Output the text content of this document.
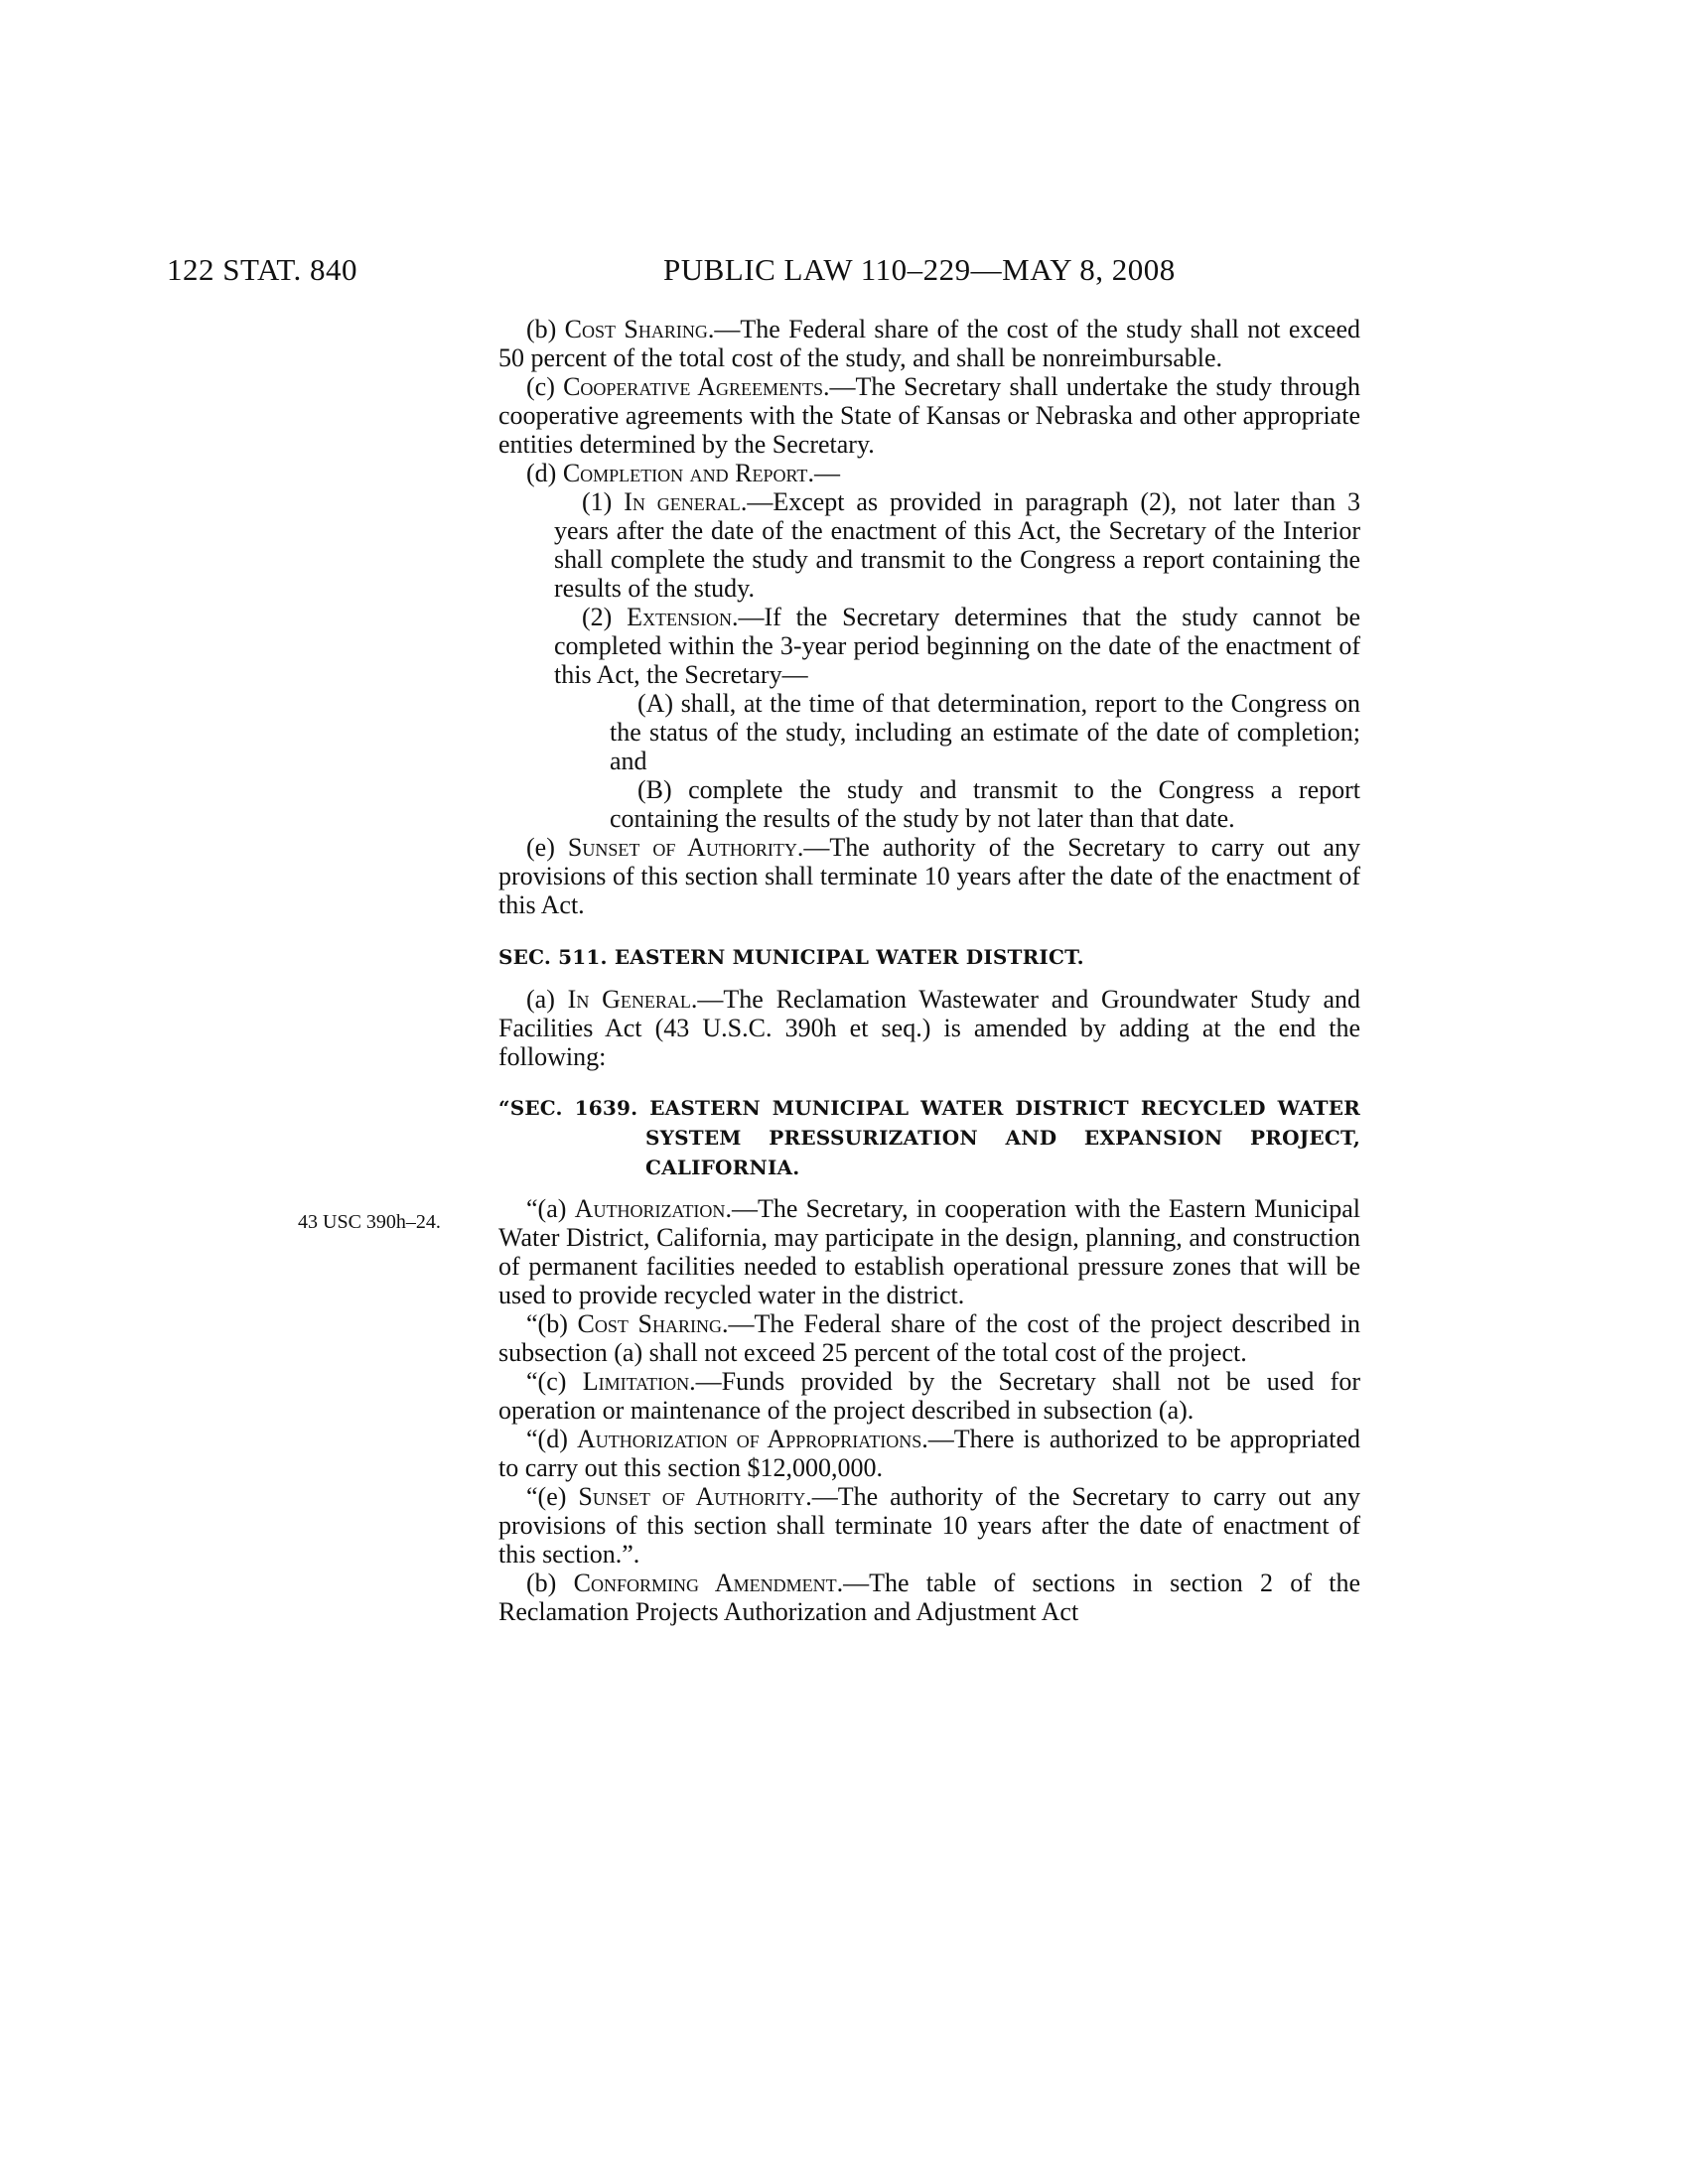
122 STAT. 840	PUBLIC LAW 110–229—MAY 8, 2008
43 USC 390h–24.

(b) Cost Sharing.—The Federal share of the cost of the study shall not exceed 50 percent of the total cost of the study, and shall be nonreimbursable.

(c) Cooperative Agreements.—The Secretary shall undertake the study through cooperative agreements with the State of Kansas or Nebraska and other appropriate entities determined by the Secretary.

(d) Completion and Report.—

(1) In general.—Except as provided in paragraph (2), not later than 3 years after the date of the enactment of this Act, the Secretary of the Interior shall complete the study and transmit to the Congress a report containing the results of the study.

(2) Extension.—If the Secretary determines that the study cannot be completed within the 3-year period beginning on the date of the enactment of this Act, the Secretary—

(A) shall, at the time of that determination, report to the Congress on the status of the study, including an estimate of the date of completion; and

(B) complete the study and transmit to the Congress a report containing the results of the study by not later than that date.

(e) Sunset of Authority.—The authority of the Secretary to carry out any provisions of this section shall terminate 10 years after the date of the enactment of this Act.

SEC. 511. EASTERN MUNICIPAL WATER DISTRICT.

(a) In General.—The Reclamation Wastewater and Groundwater Study and Facilities Act (43 U.S.C. 390h et seq.) is amended by adding at the end the following:

“SEC. 1639. EASTERN MUNICIPAL WATER DISTRICT RECYCLED WATER SYSTEM PRESSURIZATION AND EXPANSION PROJECT, CALIFORNIA.

“(a) Authorization.—The Secretary, in cooperation with the Eastern Municipal Water District, California, may participate in the design, planning, and construction of permanent facilities needed to establish operational pressure zones that will be used to provide recycled water in the district.

“(b) Cost Sharing.—The Federal share of the cost of the project described in subsection (a) shall not exceed 25 percent of the total cost of the project.

“(c) Limitation.—Funds provided by the Secretary shall not be used for operation or maintenance of the project described in subsection (a).

“(d) Authorization of Appropriations.—There is authorized to be appropriated to carry out this section $12,000,000.

“(e) Sunset of Authority.—The authority of the Secretary to carry out any provisions of this section shall terminate 10 years after the date of enactment of this section.”.

(b) Conforming Amendment.—The table of sections in section 2 of the Reclamation Projects Authorization and Adjustment Act
